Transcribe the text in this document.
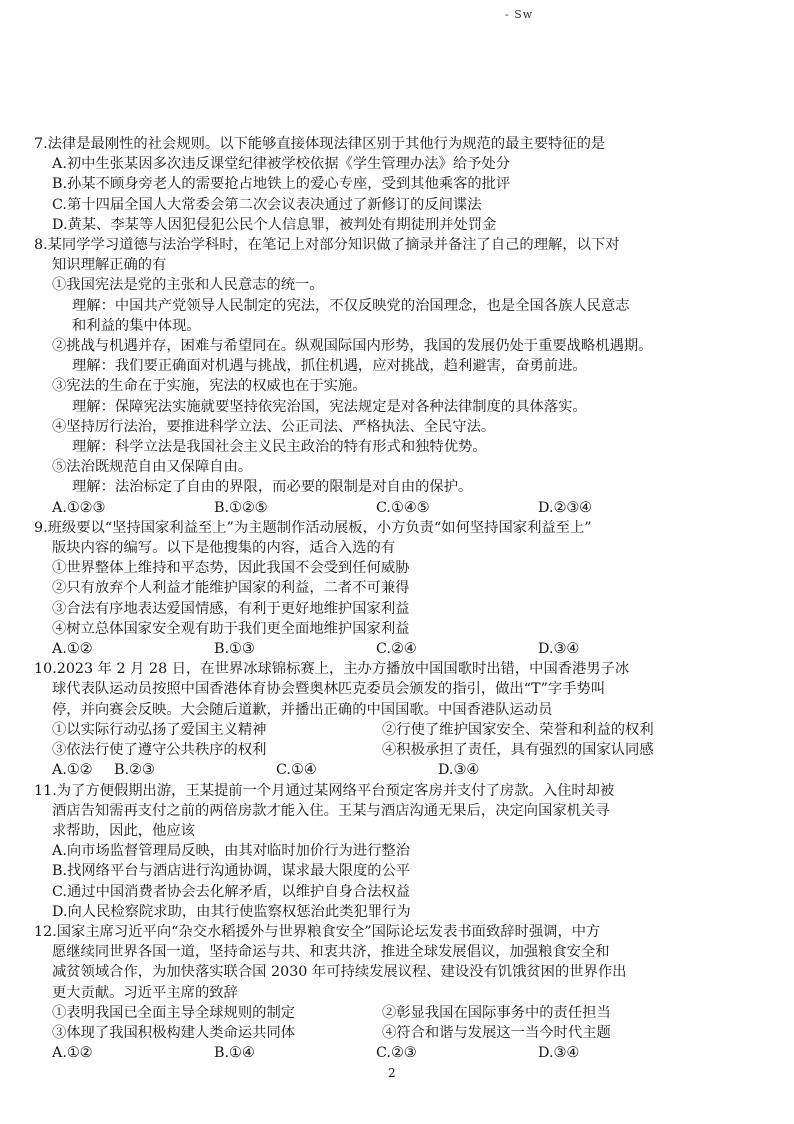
- Sw
7.法律是最刚性的社会规则。以下能够直接体现法律区别于其他行为规范的最主要特征的是
A.初中生张某因多次违反课堂纪律被学校依据《学生管理办法》给予处分
B.孙某不顾身旁老人的需要抢占地铁上的爱心专座，受到其他乘客的批评
C.第十四届全国人大常委会第二次会议表决通过了新修订的反间谍法
D.黄某、李某等人因犯侵犯公民个人信息罪，被判处有期徒刑并处罚金
8.某同学学习道德与法治学科时，在笔记上对部分知识做了摘录并备注了自己的理解，以下对
知识理解正确的有
①我国宪法是党的主张和人民意志的统一。
理解：中国共产党领导人民制定的宪法，不仅反映党的治国理念，也是全国各族人民意志
和利益的集中体现。
②挑战与机遇并存，困难与希望同在。纵观国际国内形势，我国的发展仍处于重要战略机遇期。
理解：我们要正确面对机遇与挑战，抓住机遇，应对挑战，趋利避害，奋勇前进。
③宪法的生命在于实施，宪法的权威也在于实施。
理解：保障宪法实施就要坚持依宪治国，宪法规定是对各种法律制度的具体落实。
④坚持厉行法治，要推进科学立法、公正司法、严格执法、全民守法。
理解：科学立法是我国社会主义民主政治的特有形式和独特优势。
⑤法治既规范自由又保障自由。
理解：法治标定了自由的界限，而必要的限制是对自由的保护。
A.①②③	B.①②⑤	C.①④⑤	D.②③④
9.班级要以“坚持国家利益至上”为主题制作活动展板，小方负责“如何坚持国家利益至上”
版块内容的编写。以下是他搜集的内容，适合入选的有
①世界整体上维持和平态势，因此我国不会受到任何威胁
②只有放弃个人利益才能维护国家的利益，二者不可兼得
③合法有序地表达爱国情感，有利于更好地维护国家利益
④树立总体国家安全观有助于我们更全面地维护国家利益
A.①②	B.①③	C.②④	D.③④
10.2023 年 2 月 28 日，在世界冰球锦标赛上，主办方播放中国国歌时出错，中国香港男子冰
球代表队运动员按照中国香港体育协会暨奥林匹克委员会颁发的指引，做出“T”字手势叫
停，并向赛会反映。大会随后道歉，并播出正确的中国国歌。中国香港队运动员
①以实际行动弘扬了爱国主义精神	②行使了维护国家安全、荣誉和利益的权利
③依法行使了遵守公共秩序的权利	④积极承担了责任，具有强烈的国家认同感
A.①②	B.②③	C.①④	D.③④
11.为了方便假期出游，王某提前一个月通过某网络平台预定客房并支付了房款。入住时却被
酒店告知需再支付之前的两倍房款才能入住。王某与酒店沟通无果后，决定向国家机关寻
求帮助，因此，他应该
A.向市场监督管理局反映，由其对临时加价行为进行整治
B.找网络平台与酒店进行沟通协调，谋求最大限度的公平
C.通过中国消费者协会去化解矛盾，以维护自身合法权益
D.向人民检察院求助，由其行使监察权惩治此类犯罪行为
12.国家主席习近平向“杂交水稻援外与世界粮食安全”国际论坛发表书面致辞时强调，中方
愿继续同世界各国一道，坚持命运与共、和衷共济，推进全球发展倡议，加强粮食安全和
减贫领域合作，为加快落实联合国 2030 年可持续发展议程、建设没有饥饿贫困的世界作出
更大贡献。习近平主席的致辞
①表明我国已全面主导全球规则的制定	②彰显我国在国际事务中的责任担当
③体现了我国积极构建人类命运共同体	④符合和谐与发展这一当今时代主题
A.①②	B.①④	C.②③	D.③④
2
